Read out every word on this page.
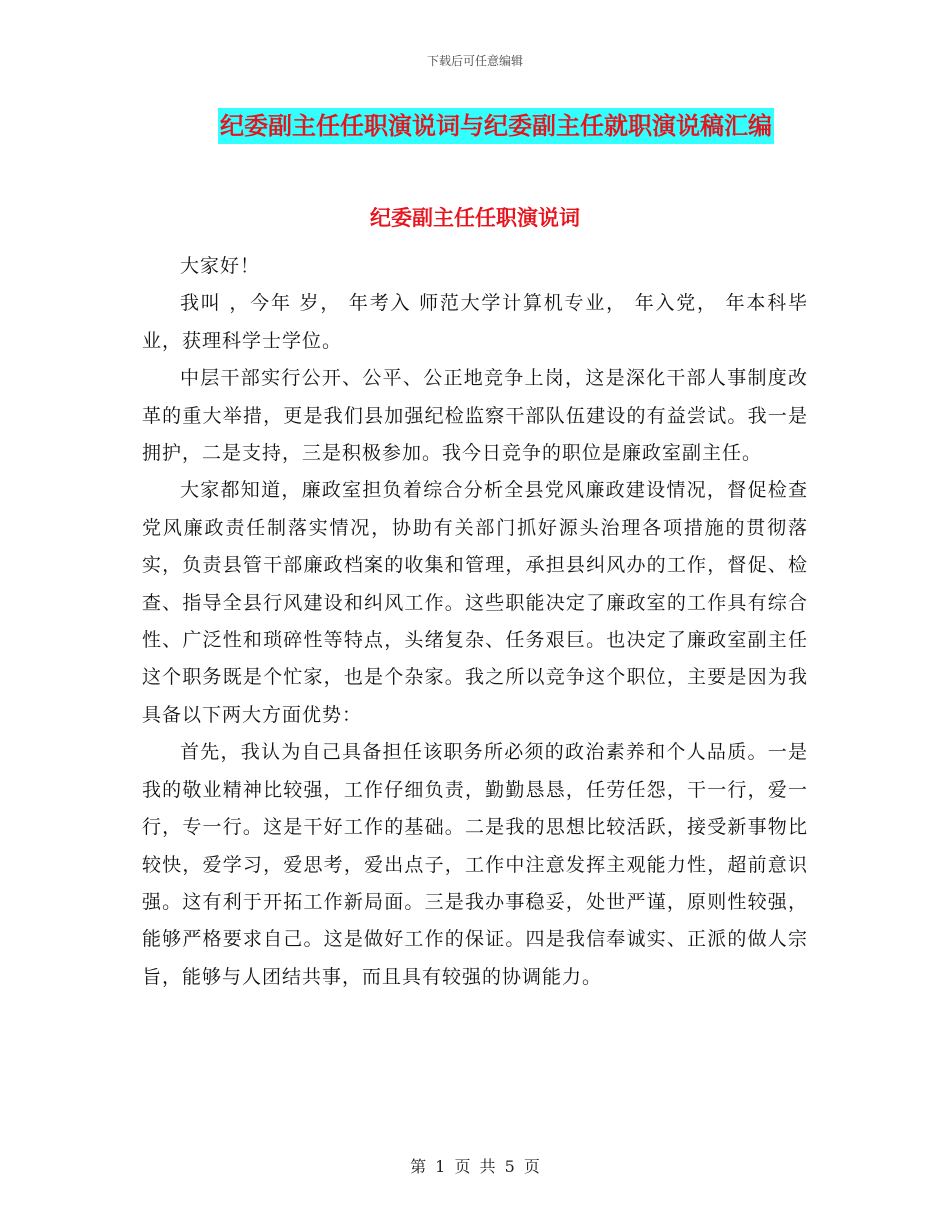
下载后可任意编辑
纪委副主任任职演说词与纪委副主任就职演说稿汇编
纪委副主任任职演说词

大家好！

我叫 ，今年 岁， 年考入 师范大学计算机专业， 年入党， 年本科毕业，获理科学士学位。

中层干部实行公开、公平、公正地竞争上岗，这是深化干部人事制度改革的重大举措，更是我们县加强纪检监察干部队伍建设的有益尝试。我一是拥护，二是支持，三是积极参加。我今日竞争的职位是廉政室副主任。

大家都知道，廉政室担负着综合分析全县党风廉政建设情况，督促检查党风廉政责任制落实情况，协助有关部门抓好源头治理各项措施的贯彻落实，负责县管干部廉政档案的收集和管理，承担县纠风办的工作，督促、检查、指导全县行风建设和纠风工作。这些职能决定了廉政室的工作具有综合性、广泛性和琐碎性等特点，头绪复杂、任务艰巨。也决定了廉政室副主任这个职务既是个忙家，也是个杂家。我之所以竞争这个职位，主要是因为我具备以下两大方面优势：

首先，我认为自己具备担任该职务所必须的政治素养和个人品质。一是我的敬业精神比较强，工作仔细负责，勤勤恳恳，任劳任怨，干一行，爱一行，专一行。这是干好工作的基础。二是我的思想比较活跃，接受新事物比较快，爱学习，爱思考，爱出点子，工作中注意发挥主观能力性，超前意识强。这有利于开拓工作新局面。三是我办事稳妥，处世严谨，原则性较强，能够严格要求自己。这是做好工作的保证。四是我信奉诚实、正派的做人宗旨，能够与人团结共事，而且具有较强的协调能力。

第 1 页 共 5 页
